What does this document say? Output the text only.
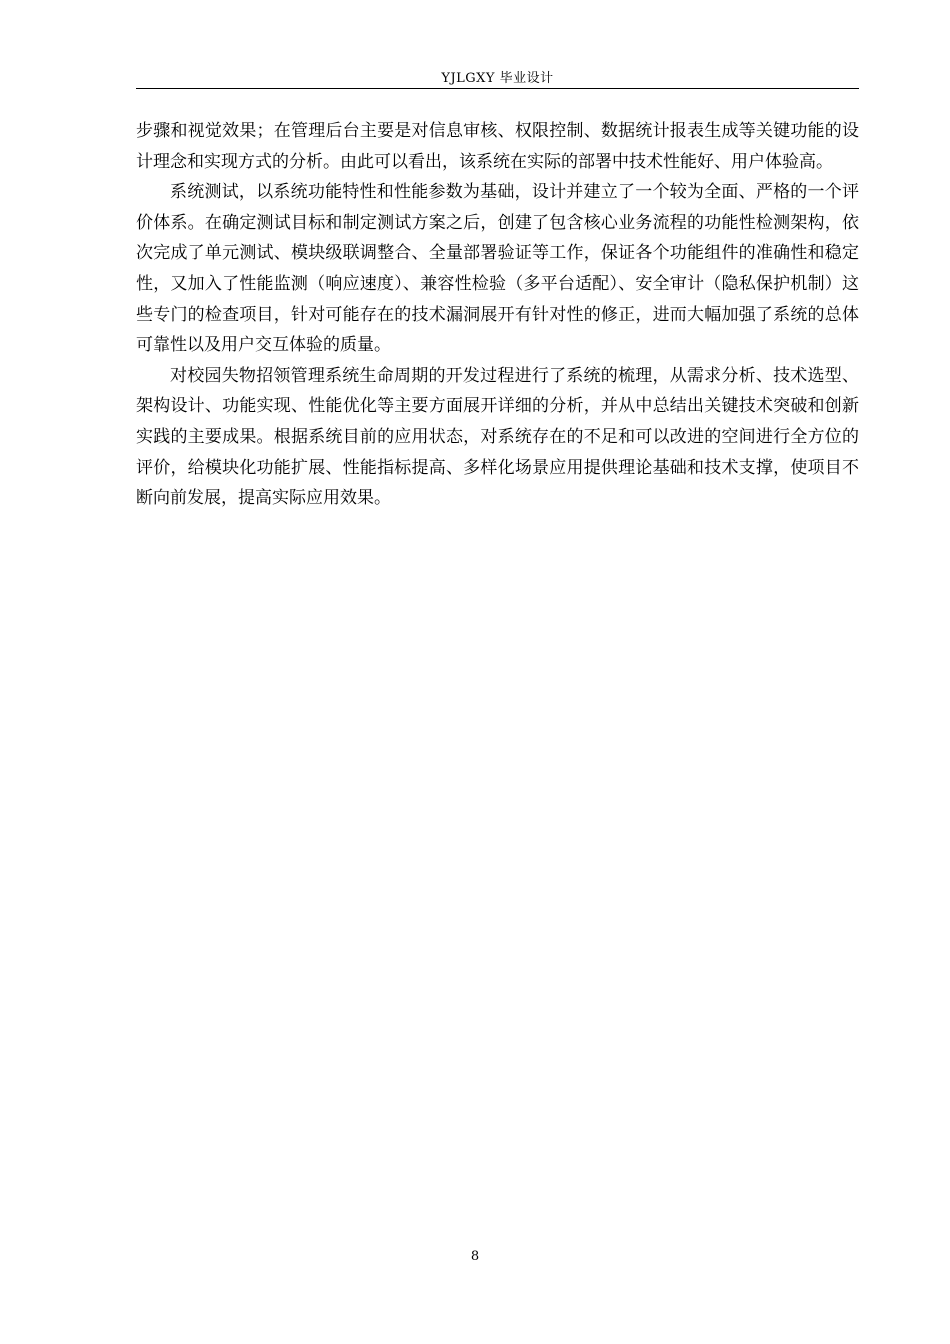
YJLGXY 毕业设计

步骤和视觉效果；在管理后台主要是对信息审核、权限控制、数据统计报表生成等关键功能的设计理念和实现方式的分析。由此可以看出，该系统在实际的部署中技术性能好、用户体验高。

系统测试，以系统功能特性和性能参数为基础，设计并建立了一个较为全面、严格的一个评价体系。在确定测试目标和制定测试方案之后，创建了包含核心业务流程的功能性检测架构，依次完成了单元测试、模块级联调整合、全量部署验证等工作，保证各个功能组件的准确性和稳定性，又加入了性能监测（响应速度）、兼容性检验（多平台适配）、安全审计（隐私保护机制）这些专门的检查项目，针对可能存在的技术漏洞展开有针对性的修正，进而大幅加强了系统的总体可靠性以及用户交互体验的质量。

对校园失物招领管理系统生命周期的开发过程进行了系统的梳理，从需求分析、技术选型、架构设计、功能实现、性能优化等主要方面展开详细的分析，并从中总结出关键技术突破和创新实践的主要成果。根据系统目前的应用状态，对系统存在的不足和可以改进的空间进行全方位的评价，给模块化功能扩展、性能指标提高、多样化场景应用提供理论基础和技术支撑，使项目不断向前发展，提高实际应用效果。

8
